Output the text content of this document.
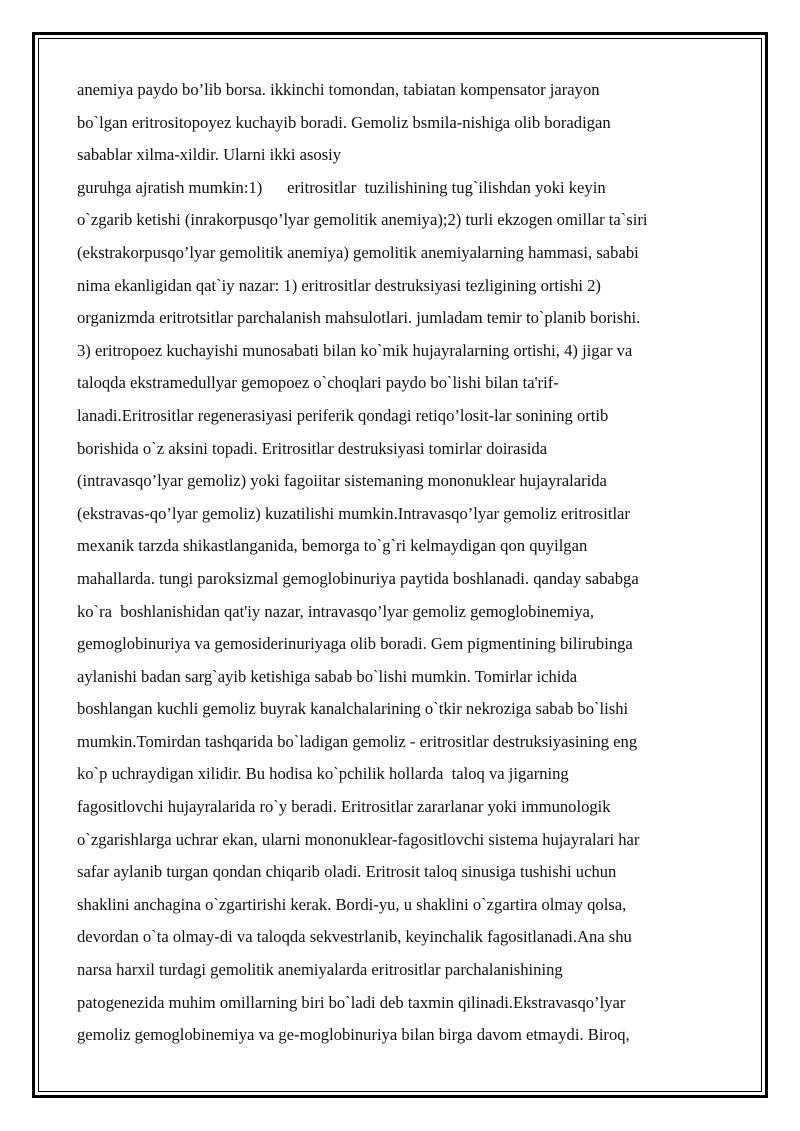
anemiya paydo bo’lib borsa. ikkinchi tomondan, tabiatan kompensator jarayon
bo`lgan eritrositopoyez kuchayib boradi. Gemoliz bsmila-nishiga olib boradigan
sabablar xilma-xildir. Ularni ikki asosiy
guruhga ajratish mumkin:1)      eritrositlar  tuzilishining tug`ilishdan yoki keyin
o`zgarib ketishi (inrakorpusqo’lyar gemolitik anemiya);2) turli ekzogen omillar ta`siri
(ekstrakorpusqo’lyar gemolitik anemiya) gemolitik anemiyalarning hammasi, sababi
nima ekanligidan qat`iy nazar: 1) eritrositlar destruksiyasi tezligining ortishi 2)
organizmda eritrotsitlar parchalanish mahsulotlari. jumladam temir to`planib borishi.
3) eritropoez kuchayishi munosabati bilan ko`mik hujayralarning ortishi, 4) jigar va
taloqda ekstramedullyar gemopoez o`choqlari paydo bo`lishi bilan ta'rif-
lanadi.Eritrositlar regenerasiyasi periferik qondagi retiqo’losit-lar sonining ortib
borishida o`z aksini topadi. Eritrositlar destruksiyasi tomirlar doirasida
(intravasqo’lyar gemoliz) yoki fagoiitar sistemaning mononuklear hujayralarida
(ekstravas-qo’lyar gemoliz) kuzatilishi mumkin.Intravasqo’lyar gemoliz eritrositlar
mexanik tarzda shikastlanganida, bemorga to`g`ri kelmaydigan qon quyilgan
mahallarda. tungi paroksizmal gemoglobinuriya paytida boshlanadi. qanday sababga
ko`ra  boshlanishidan qat'iy nazar, intravasqo’lyar gemoliz gemoglobinemiya,
gemoglobinuriya va gemosiderinuriyaga olib boradi. Gem pigmentining bilirubinga
aylanishi badan sarg`ayib ketishiga sabab bo`lishi mumkin. Tomirlar ichida
boshlangan kuchli gemoliz buyrak kanalchalarining o`tkir nekroziga sabab bo`lishi
mumkin.Tomirdan tashqarida bo`ladigan gemoliz - eritrositlar destruksiyasining eng
ko`p uchraydigan xilidir. Bu hodisa ko`pchilik hollarda  taloq va jigarning
fagositlovchi hujayralarida ro`y beradi. Eritrositlar zararlanar yoki immunologik
o`zgarishlarga uchrar ekan, ularni mononuklear-fagositlovchi sistema hujayralari har
safar aylanib turgan qondan chiqarib oladi. Eritrosit taloq sinusiga tushishi uchun
shaklini anchagina o`zgartirishi kerak. Bordi-yu, u shaklini o`zgartira olmay qolsa,
devordan o`ta olmay-di va taloqda sekvestrlanib, keyinchalik fagositlanadi.Ana shu
narsa harxil turdagi gemolitik anemiyalarda eritrositlar parchalanishining
patogenezida muhim omillarning biri bo`ladi deb taxmin qilinadi.Ekstravasqo’lyar
gemoliz gemoglobinemiya va ge-moglobinuriya bilan birga davom etmaydi. Biroq,
